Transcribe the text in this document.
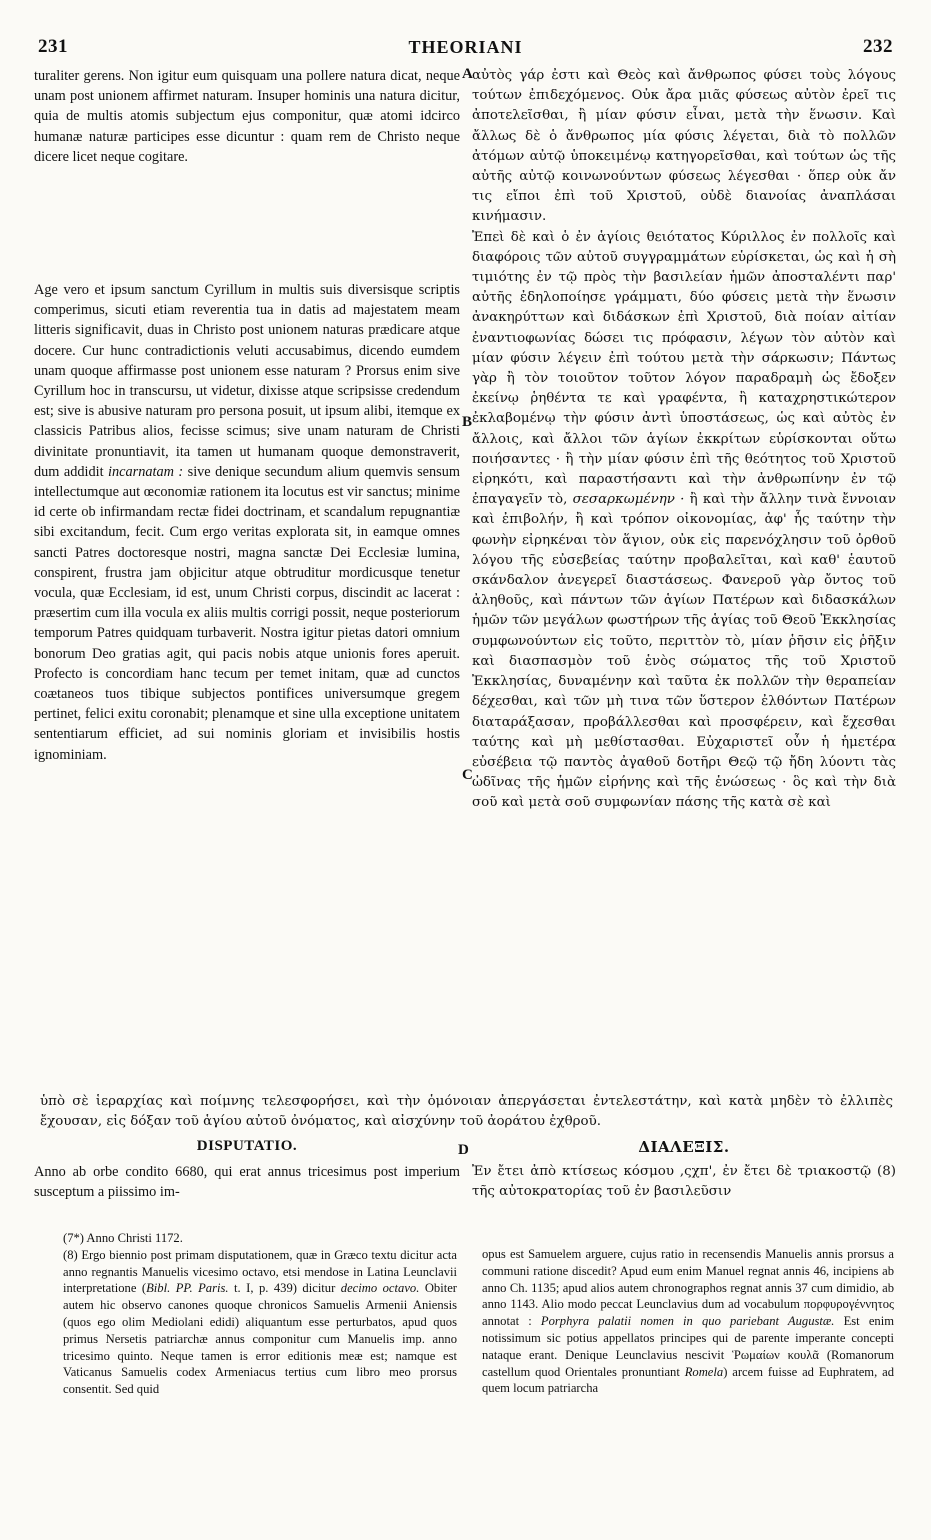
231	THEORIANI	232

turaliter gerens. Non igitur eum quisquam una pollere natura dicat, neque unam post unionem affirmet naturam. Insuper hominis una natura dicitur, quia de multis atomis subjectum ejus componitur, quæ atomi idcirco humanæ naturæ participes esse dicuntur : quam rem de Christo neque dicere licet neque cogitare.

Age vero et ipsum sanctum Cyrillum in multis suis diversisque scriptis comperimus, sicuti etiam reverentia tua in datis ad majestatem meam litteris significavit, duas in Christo post unionem naturas prædicare atque docere. Cur hunc contradictionis veluti accusabimus, dicendo eumdem unam quoque affirmasse post unionem esse naturam ? Prorsus enim sive Cyrillum hoc in transcursu, ut videtur, dixisse atque scripsisse credendum est; sive is abusive naturam pro persona posuit, ut ipsum alibi, itemque ex classicis Patribus alios, fecisse scimus; sive unam naturam de Christi divinitate pronuntiavit, ita tamen ut humanam quoque demonstraverit, dum addidit incarnatam : sive denique secundum alium quemvis sensum intellectumque aut œconomiæ rationem ita locutus est vir sanctus; minime id certe ob infirmandam rectæ fidei doctrinam, et scandalum repugnantiæ sibi excitandum, fecit. Cum ergo veritas explorata sit, in eamque omnes sancti Patres doctoresque nostri, magna sanctæ Dei Ecclesiæ lumina, conspirent, frustra jam objicitur atque obtruditur mordicusque tenetur vocula, quæ Ecclesiam, id est, unum Christi corpus, discindit ac lacerat : præsertim cum illa vocula ex aliis multis corrigi possit, neque posteriorum temporum Patres quidquam turbaverit. Nostra igitur pietas datori omnium bonorum Deo gratias agit, qui pacis nobis atque unionis fores aperuit. Profecto is concordiam hanc tecum per temet initam, quæ ad cunctos coætaneos tuos tibique subjectos pontifices universumque gregem pertinet, felici exitu coronabit; plenamque et sine ulla exceptione unitatem sententiarum efficiet, ad sui nominis gloriam et invisibilis hostis ignominiam.

A
B
C
D

αὐτὸς γάρ ἐστι καὶ Θεὸς καὶ ἄνθρωπος φύσει τοὺς λόγους τούτων ἐπιδεχόμενος. Οὐκ ἄρα μιᾶς φύσεως αὐτὸν ἐρεῖ τις ἀποτελεῖσθαι, ἢ μίαν φύσιν εἶναι, μετὰ τὴν ἕνωσιν. Καὶ ἄλλως δὲ ὁ ἄνθρωπος μία φύσις λέγεται, διὰ τὸ πολλῶν ἀτόμων αὐτῷ ὑποκειμένῳ κατηγορεῖσθαι, καὶ τούτων ὡς τῆς αὐτῆς αὐτῷ κοινωνούντων φύσεως λέγεσθαι · ὅπερ οὐκ ἄν τις εἴποι ἐπὶ τοῦ Χριστοῦ, οὐδὲ διανοίας ἀναπλάσαι κινήμασιν.

Ἐπεὶ δὲ καὶ ὁ ἐν ἁγίοις θειότατος Κύριλλος ἐν πολλοῖς καὶ διαφόροις τῶν αὐτοῦ συγγραμμάτων εὑρίσκεται, ὡς καὶ ἡ σὴ τιμιότης ἐν τῷ πρὸς τὴν βασιλείαν ἡμῶν ἀποσταλέντι παρ' αὐτῆς ἐδηλοποίησε γράμματι, δύο φύσεις μετὰ τὴν ἕνωσιν ἀνακηρύττων καὶ διδάσκων ἐπὶ Χριστοῦ, διὰ ποίαν αἰτίαν ἐναντιοφωνίας δώσει τις πρόφασιν, λέγων τὸν αὐτὸν καὶ μίαν φύσιν λέγειν ἐπὶ τούτου μετὰ τὴν σάρκωσιν; Πάντως γὰρ ἢ τὸν τοιοῦτον τοῦτον λόγον παραδραμὴ ὡς ἔδοξεν ἐκείνῳ ῥηθέντα τε καὶ γραφέντα, ἢ καταχρηστικώτερον ἐκλαβομένῳ τὴν φύσιν ἀντὶ ὑποστάσεως, ὡς καὶ αὐτὸς ἐν ἄλλοις, καὶ ἄλλοι τῶν ἁγίων ἐκκρίτων εὑρίσκονται οὕτω ποιήσαντες · ἢ τὴν μίαν φύσιν ἐπὶ τῆς θεότητος τοῦ Χριστοῦ εἰρηκότι, καὶ παραστήσαντι καὶ τὴν ἀνθρωπίνην ἐν τῷ ἐπαγαγεῖν τὸ, σεσαρκωμένην · ἢ καὶ τὴν ἄλλην τινὰ ἔννοιαν καὶ ἐπιβολήν, ἢ καὶ τρόπον οἰκονομίας, ἀφ' ἧς ταύτην τὴν φωνὴν εἰρηκέναι τὸν ἅγιον, οὐκ εἰς παρενόχλησιν τοῦ ὀρθοῦ λόγου τῆς εὐσεβείας ταύτην προβαλεῖται, καὶ καθ' ἑαυτοῦ σκάνδαλον ἀνεγερεῖ διαστάσεως. Φανεροῦ γὰρ ὄντος τοῦ ἀληθοῦς, καὶ πάντων τῶν ἁγίων Πατέρων καὶ διδασκάλων ἡμῶν τῶν μεγάλων φωστήρων τῆς ἁγίας τοῦ Θεοῦ Ἐκκλησίας συμφωνούντων εἰς τοῦτο, περιττὸν τὸ, μίαν ῥῆσιν εἰς ῥῆξιν καὶ διασπασμὸν τοῦ ἑνὸς σώματος τῆς τοῦ Χριστοῦ Ἐκκλησίας, δυναμένην καὶ ταῦτα ἐκ πολλῶν τὴν θεραπείαν δέχεσθαι, καὶ τῶν μὴ τινα τῶν ὕστερον ἐλθόντων Πατέρων διαταράξασαν, προβάλλεσθαι καὶ προσφέρειν, καὶ ἔχεσθαι ταύτης καὶ μὴ μεθίστασθαι. Εὐχαριστεῖ οὖν ἡ ἡμετέρα εὐσέβεια τῷ παντὸς ἀγαθοῦ δοτῆρι Θεῷ τῷ ἤδη λύοντι τὰς ὠδῖνας τῆς ἡμῶν εἰρήνης καὶ τῆς ἑνώσεως · ὃς καὶ τὴν διὰ σοῦ καὶ μετὰ σοῦ συμφωνίαν πάσης τῆς κατὰ σὲ καὶ

ὑπὸ σὲ ἱεραρχίας καὶ ποίμνης τελεσφορήσει, καὶ τὴν ὁμόνοιαν ἀπεργάσεται ἐντελεστάτην, καὶ κατὰ μηδὲν τὸ ἐλλιπὲς ἔχουσαν, εἰς δόξαν τοῦ ἁγίου αὐτοῦ ὀνόματος, καὶ αἰσχύνην τοῦ ἀοράτου ἐχθροῦ.
DISPUTATIO.	ΔΙΑΛΕΞΙΣ.

Anno ab orbe condito 6680, qui erat annus tricesimus post imperium susceptum a piissimo im-

Ἐν ἔτει ἀπὸ κτίσεως κόσμου ,ςχπ', ἐν ἔτει δὲ τριακοστῷ (8) τῆς αὐτοκρατορίας τοῦ ἐν βασιλεῦσιν

(7*) Anno Christi 1172.

(8) Ergo biennio post primam disputationem, quæ in Græco textu dicitur acta anno regnantis Manuelis vicesimo octavo, etsi mendose in Latina Leunclavii interpretatione (Bibl. PP. Paris. t. I, p. 439) dicitur decimo octavo. Obiter autem hic observo canones quoque chronicos Samuelis Armenii Aniensis (quos ego olim Mediolani edidi) aliquantum esse perturbatos, apud quos primus Nersetis patriarchæ annus componitur cum Manuelis imp. anno tricesimo quinto. Neque tamen is error editionis meæ est; namque est Vaticanus Samuelis codex Armeniacus tertius cum libro meo prorsus consentit. Sed quid

opus est Samuelem arguere, cujus ratio in recensendis Manuelis annis prorsus a communi ratione discedit? Apud eum enim Manuel regnat annis 46, incipiens ab anno Ch. 1135; apud alios autem chronographos regnat annis 37 cum dimidio, ab anno 1143. Alio modo peccat Leunclavius dum ad vocabulum πορφυρογέννητος annotat : Porphyra palatii nomen in quo pariebant Augustæ. Est enim notissimum sic potius appellatos principes qui de parente imperante concepti nataque erant. Denique Leunclavius nescivit Ῥωμαίων κουλᾶ (Romanorum castellum quod Orientales pronuntiant Romela) arcem fuisse ad Euphratem, ad quem locum patriarcha
